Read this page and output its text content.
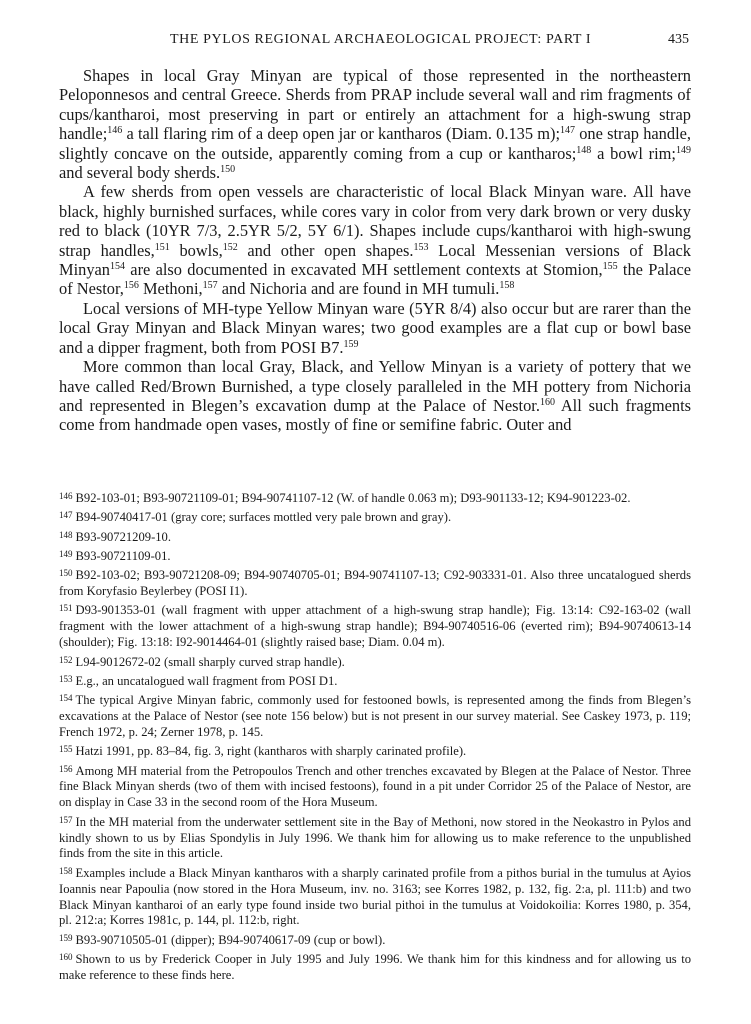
THE PYLOS REGIONAL ARCHAEOLOGICAL PROJECT: PART I	435

Shapes in local Gray Minyan are typical of those represented in the northeastern Peloponnesos and central Greece. Sherds from PRAP include several wall and rim fragments of cups/kantharoi, most preserving in part or entirely an attachment for a high-swung strap handle;$^{146}$ a tall flaring rim of a deep open jar or kantharos (Diam. 0.135 m);$^{147}$ one strap handle, slightly concave on the outside, apparently coming from a cup or kantharos;$^{148}$ a bowl rim;$^{149}$ and several body sherds.$^{150}$

A few sherds from open vessels are characteristic of local Black Minyan ware. All have black, highly burnished surfaces, while cores vary in color from very dark brown or very dusky red to black (10YR 7/3, 2.5YR 5/2, 5Y 6/1). Shapes include cups/kantharoi with high-swung strap handles,$^{151}$ bowls,$^{152}$ and other open shapes.$^{153}$ Local Messenian versions of Black Minyan$^{154}$ are also documented in excavated MH settlement contexts at Stomion,$^{155}$ the Palace of Nestor,$^{156}$ Methoni,$^{157}$ and Nichoria and are found in MH tumuli.$^{158}$

Local versions of MH-type Yellow Minyan ware (5YR 8/4) also occur but are rarer than the local Gray Minyan and Black Minyan wares; two good examples are a flat cup or bowl base and a dipper fragment, both from POSI B7.$^{159}$

More common than local Gray, Black, and Yellow Minyan is a variety of pottery that we have called Red/Brown Burnished, a type closely paralleled in the MH pottery from Nichoria and represented in Blegen’s excavation dump at the Palace of Nestor.$^{160}$ All such fragments come from handmade open vases, mostly of fine or semifine fabric. Outer and

$^{146}$ B92-103-01; B93-90721109-01; B94-90741107-12 (W. of handle 0.063 m); D93-901133-12; K94-901223-02.

$^{147}$ B94-90740417-01 (gray core; surfaces mottled very pale brown and gray).

$^{148}$ B93-90721209-10.

$^{149}$ B93-90721109-01.

$^{150}$ B92-103-02; B93-90721208-09; B94-90740705-01; B94-90741107-13; C92-903331-01. Also three uncatalogued sherds from Koryfasio Beylerbey (POSI I1).

$^{151}$ D93-901353-01 (wall fragment with upper attachment of a high-swung strap handle); Fig. 13:14: C92-163-02 (wall fragment with the lower attachment of a high-swung strap handle); B94-90740516-06 (everted rim); B94-90740613-14 (shoulder); Fig. 13:18: I92-9014464-01 (slightly raised base; Diam. 0.04 m).

$^{152}$ L94-9012672-02 (small sharply curved strap handle).

$^{153}$ E.g., an uncatalogued wall fragment from POSI D1.

$^{154}$ The typical Argive Minyan fabric, commonly used for festooned bowls, is represented among the finds from Blegen’s excavations at the Palace of Nestor (see note 156 below) but is not present in our survey material. See Caskey 1973, p. 119; French 1972, p. 24; Zerner 1978, p. 145.

$^{155}$ Hatzi 1991, pp. 83–84, fig. 3, right (kantharos with sharply carinated profile).

$^{156}$ Among MH material from the Petropoulos Trench and other trenches excavated by Blegen at the Palace of Nestor. Three fine Black Minyan sherds (two of them with incised festoons), found in a pit under Corridor 25 of the Palace of Nestor, are on display in Case 33 in the second room of the Hora Museum.

$^{157}$ In the MH material from the underwater settlement site in the Bay of Methoni, now stored in the Neokastro in Pylos and kindly shown to us by Elias Spondylis in July 1996. We thank him for allowing us to make reference to the unpublished finds from the site in this article.

$^{158}$ Examples include a Black Minyan kantharos with a sharply carinated profile from a pithos burial in the tumulus at Ayios Ioannis near Papoulia (now stored in the Hora Museum, inv. no. 3163; see Korres 1982, p. 132, fig. 2:a, pl. 111:b) and two Black Minyan kantharoi of an early type found inside two burial pithoi in the tumulus at Voidokoilia: Korres 1980, p. 354, pl. 212:a; Korres 1981c, p. 144, pl. 112:b, right.

$^{159}$ B93-90710505-01 (dipper); B94-90740617-09 (cup or bowl).

$^{160}$ Shown to us by Frederick Cooper in July 1995 and July 1996. We thank him for this kindness and for allowing us to make reference to these finds here.
